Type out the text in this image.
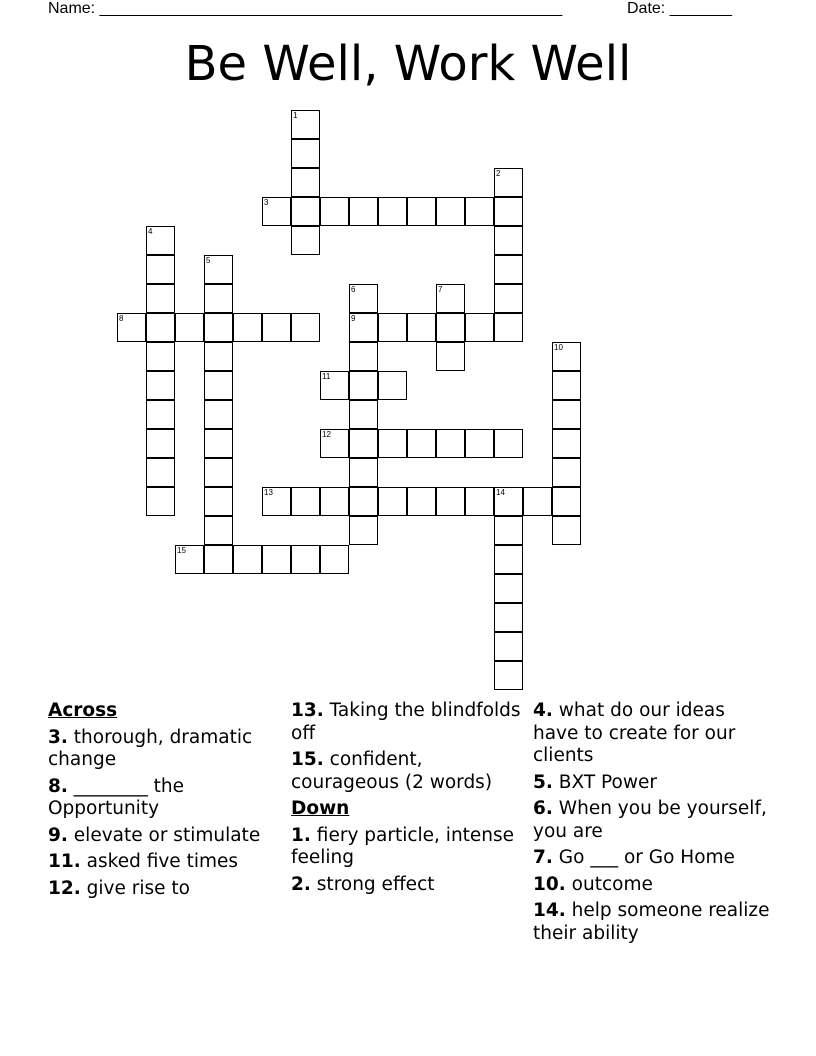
Name: ____________________________________________________	Date: _______
Be Well, Work Well
1
2
3
4
5
6
9
7
8
10
11
12
13	14
15
Across
3. thorough, dramatic change
8. ________ the Opportunity
9. elevate or stimulate
11. asked five times
12. give rise to
13. Taking the blindfolds off
15. confident, courageous (2 words)
Down
1. fiery particle, intense feeling
2. strong effect
4. what do our ideas have to create for our clients
5. BXT Power
6. When you be yourself, you are
7. Go ___ or Go Home
10. outcome
14. help someone realize their ability
